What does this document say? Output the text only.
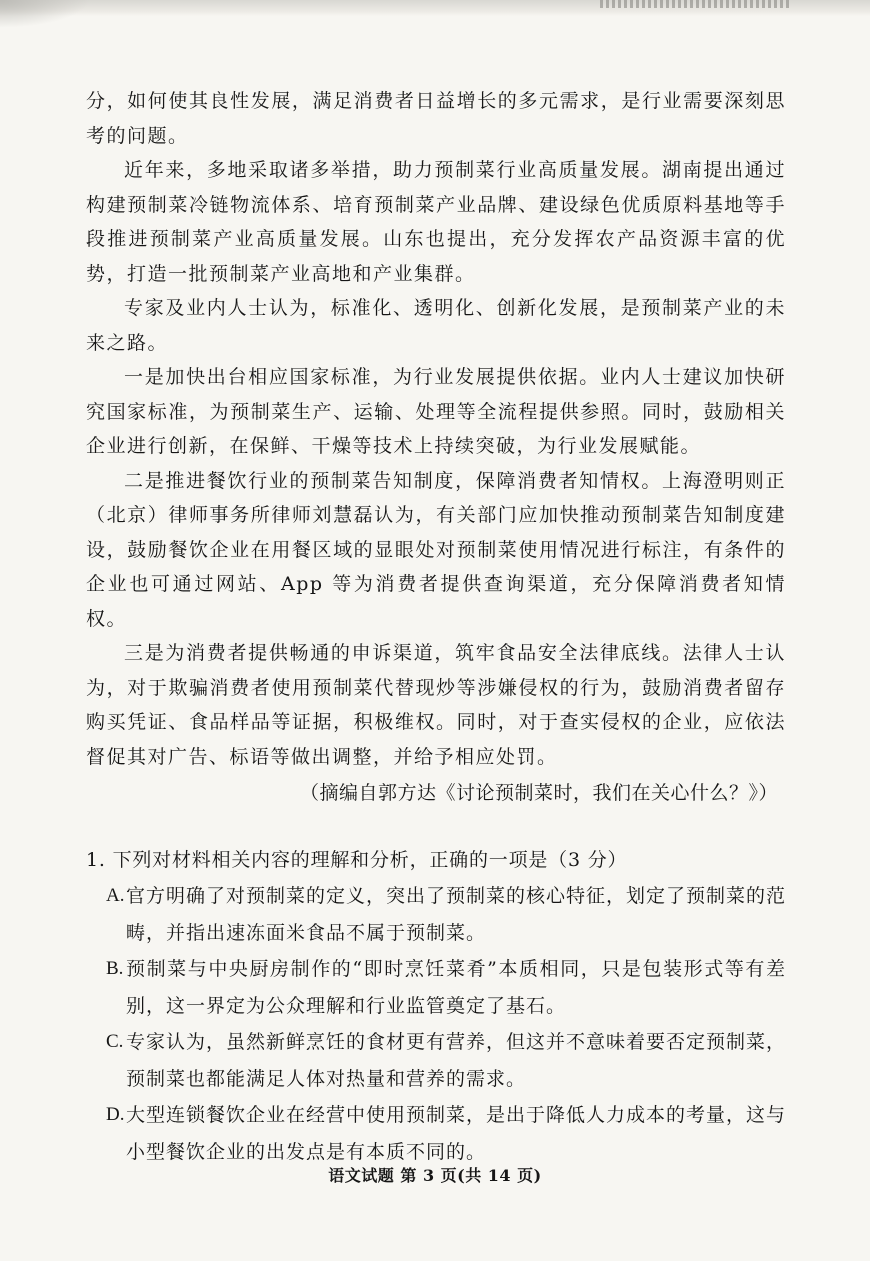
分，如何使其良性发展，满足消费者日益增长的多元需求，是行业需要深刻思考的问题。

近年来，多地采取诸多举措，助力预制菜行业高质量发展。湖南提出通过构建预制菜冷链物流体系、培育预制菜产业品牌、建设绿色优质原料基地等手段推进预制菜产业高质量发展。山东也提出，充分发挥农产品资源丰富的优势，打造一批预制菜产业高地和产业集群。

专家及业内人士认为，标准化、透明化、创新化发展，是预制菜产业的未来之路。

一是加快出台相应国家标准，为行业发展提供依据。业内人士建议加快研究国家标准，为预制菜生产、运输、处理等全流程提供参照。同时，鼓励相关企业进行创新，在保鲜、干燥等技术上持续突破，为行业发展赋能。

二是推进餐饮行业的预制菜告知制度，保障消费者知情权。上海澄明则正（北京）律师事务所律师刘慧磊认为，有关部门应加快推动预制菜告知制度建设，鼓励餐饮企业在用餐区域的显眼处对预制菜使用情况进行标注，有条件的企业也可通过网站、App 等为消费者提供查询渠道，充分保障消费者知情权。

三是为消费者提供畅通的申诉渠道，筑牢食品安全法律底线。法律人士认为，对于欺骗消费者使用预制菜代替现炒等涉嫌侵权的行为，鼓励消费者留存购买凭证、食品样品等证据，积极维权。同时，对于查实侵权的企业，应依法督促其对广告、标语等做出调整，并给予相应处罚。

（摘编自郭方达《讨论预制菜时，我们在关心什么？》）

1. 下列对材料相关内容的理解和分析，正确的一项是（3 分）

A. 官方明确了对预制菜的定义，突出了预制菜的核心特征，划定了预制菜的范畴，并指出速冻面米食品不属于预制菜。

B. 预制菜与中央厨房制作的“即时烹饪菜肴”本质相同，只是包装形式等有差别，这一界定为公众理解和行业监管奠定了基石。

C. 专家认为，虽然新鲜烹饪的食材更有营养，但这并不意味着要否定预制菜，预制菜也都能满足人体对热量和营养的需求。

D. 大型连锁餐饮企业在经营中使用预制菜，是出于降低人力成本的考量，这与小型餐饮企业的出发点是有本质不同的。

语文试题 第 3 页(共 14 页)
